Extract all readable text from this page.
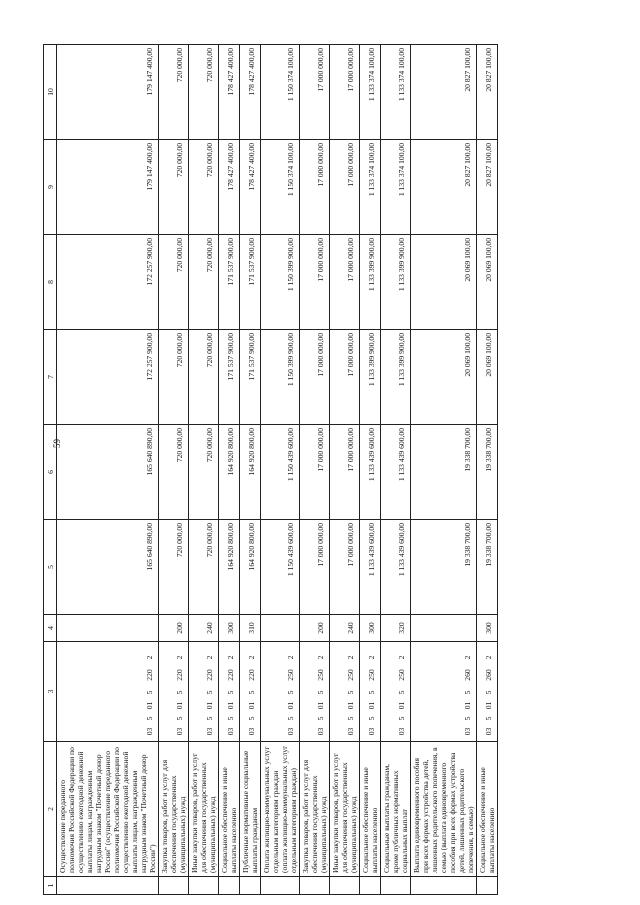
59
1	2	3	4	5	6	7	8	9	10
	Осуществление переданного полномочия Российской Федерации по осуществлению ежегодной денежной выплаты лицам, награжденным нагрудным знаком "Почетный донор России" (осуществление переданного полномочия Российской Федерации по осуществлению ежегодной денежной выплаты лицам, награжденным нагрудным знаком "Почетный донор России")	0350152202		165 640 890,00	165 640 890,00	172 257 900,00	172 257 900,00	179 147 400,00	179 147 400,00
	Закупка товаров, работ и услуг для обеспечения государственных (муниципальных) нужд	0350152202	200	720 000,00	720 000,00	720 000,00	720 000,00	720 000,00	720 000,00
	Иные закупки товаров, работ и услуг для обеспечения государственных (муниципальных) нужд	0350152202	240	720 000,00	720 000,00	720 000,00	720 000,00	720 000,00	720 000,00
	Социальное обеспечение и иные выплаты населению	0350152202	300	164 920 800,00	164 920 800,00	171 537 900,00	171 537 900,00	178 427 400,00	178 427 400,00
	Публичные нормативные социальные выплаты гражданам	0350152202	310	164 920 800,00	164 920 800,00	171 537 900,00	171 537 900,00	178 427 400,00	178 427 400,00
	Оплата жилищно-коммунальных услуг отдельным категориям граждан (оплата жилищно-коммунальных услуг отдельным категориям граждан)	0350152502		1 150 439 600,00	1 150 439 600,00	1 150 399 900,00	1 150 399 900,00	1 150 374 100,00	1 150 374 100,00
	Закупка товаров, работ и услуг для обеспечения государственных (муниципальных) нужд	0350152502	200	17 000 000,00	17 000 000,00	17 000 000,00	17 000 000,00	17 000 000,00	17 000 000,00
	Иные закупки товаров, работ и услуг для обеспечения государственных (муниципальных) нужд	0350152502	240	17 000 000,00	17 000 000,00	17 000 000,00	17 000 000,00	17 000 000,00	17 000 000,00
	Социальное обеспечение и иные выплаты населению	0350152502	300	1 133 439 600,00	1 133 439 600,00	1 133 399 900,00	1 133 399 900,00	1 133 374 100,00	1 133 374 100,00
	Социальные выплаты гражданам, кроме публичных нормативных социальных выплат	0350152502	320	1 133 439 600,00	1 133 439 600,00	1 133 399 900,00	1 133 399 900,00	1 133 374 100,00	1 133 374 100,00
	Выплата единовременного пособия при всех формах устройства детей, лишенных родительского попечения, в семью (выплата единовременного пособия при всех формах устройства детей, лишенных родительского попечения, в семью)	0350152602		19 338 700,00	19 338 700,00	20 069 100,00	20 069 100,00	20 827 100,00	20 827 100,00
	Социальное обеспечение и иные выплаты населению	0350152602	300	19 338 700,00	19 338 700,00	20 069 100,00	20 069 100,00	20 827 100,00	20 827 100,00
